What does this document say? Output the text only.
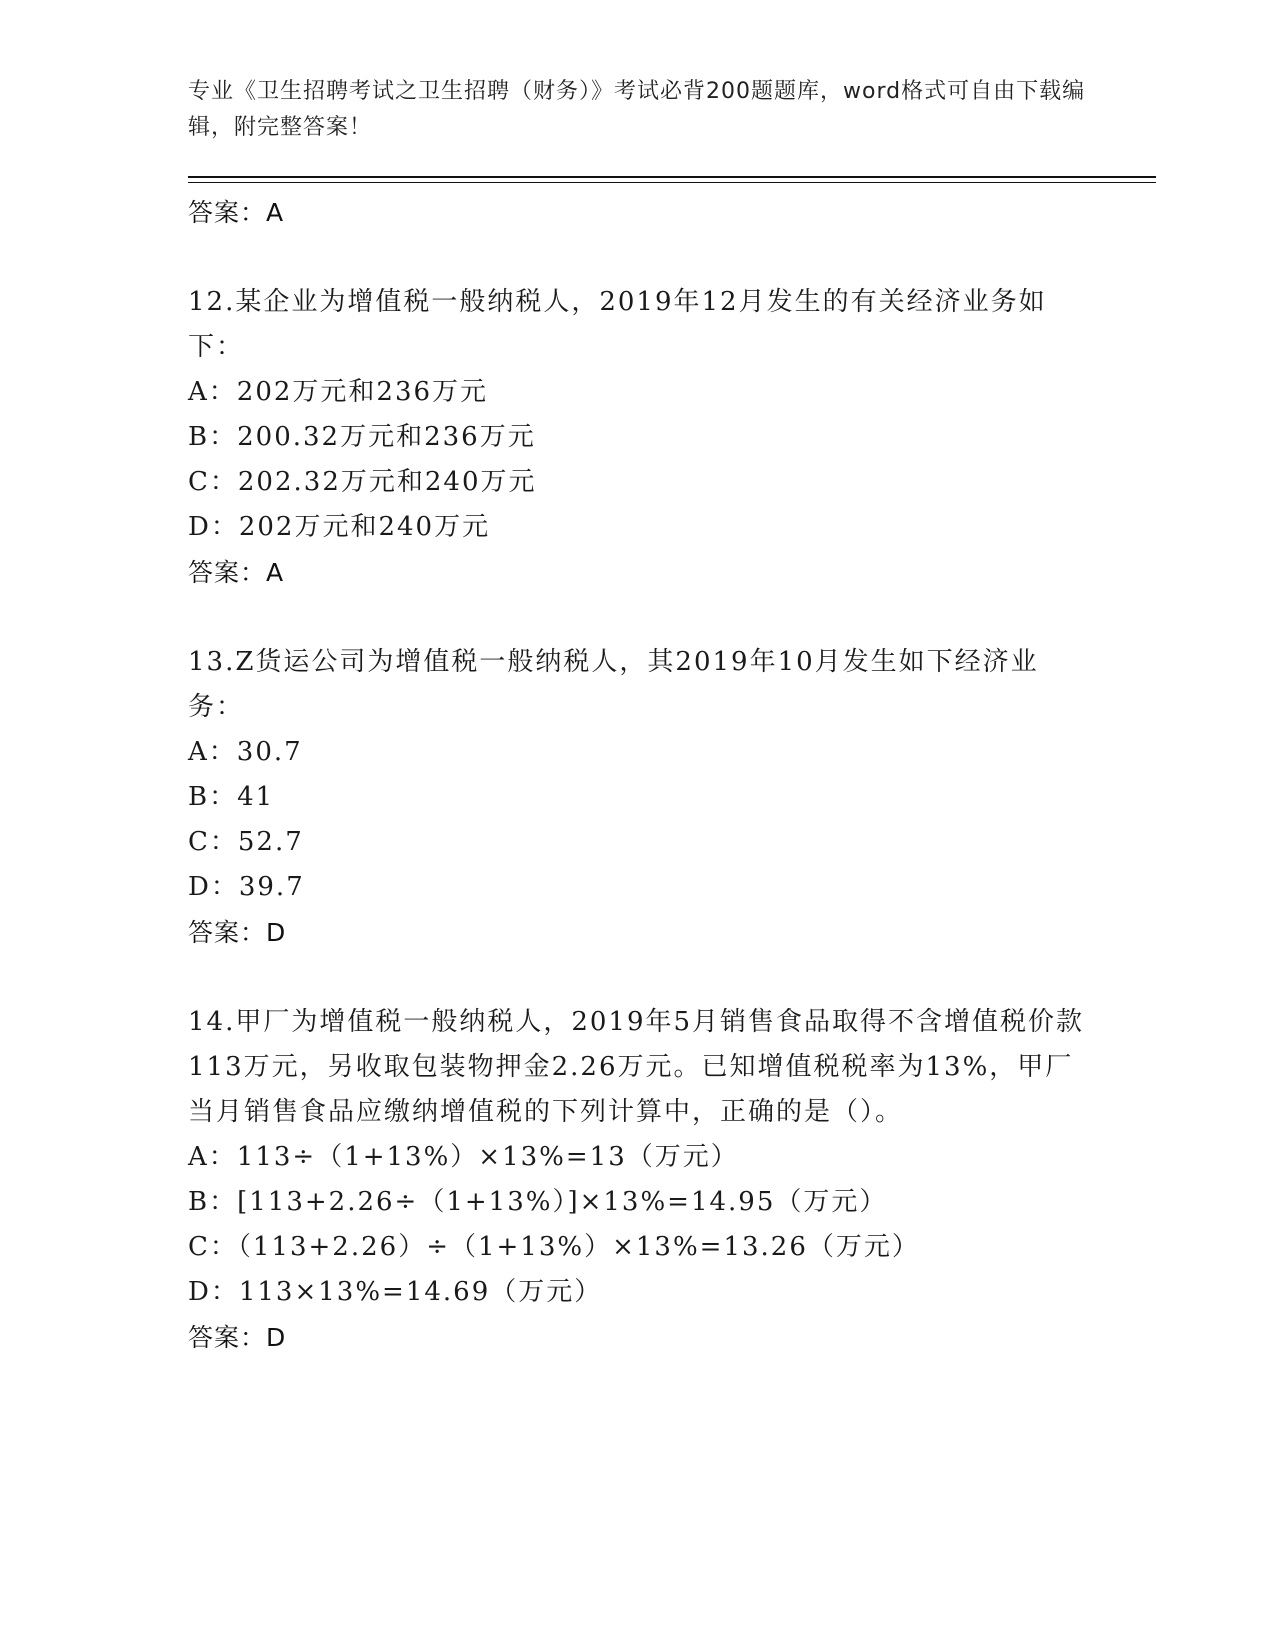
专业《卫生招聘考试之卫生招聘（财务）》考试必背200题题库，word格式可自由下载编辑，附完整答案！
答案：A

12.某企业为增值税一般纳税人，2019年12月发生的有关经济业务如下：

A：202万元和236万元
B：200.32万元和236万元
C：202.32万元和240万元
D：202万元和240万元
答案：A

13.Z货运公司为增值税一般纳税人，其2019年10月发生如下经济业务：

A：30.7
B：41
C：52.7
D：39.7
答案：D

14.甲厂为增值税一般纳税人，2019年5月销售食品取得不含增值税价款113万元，另收取包装物押金2.26万元。已知增值税税率为13%，甲厂当月销售食品应缴纳增值税的下列计算中，正确的是（）。

A：113÷（1+13%）×13%=13（万元）
B：[113+2.26÷（1+13%）]×13%=14.95（万元）
C：（113+2.26）÷（1+13%）×13%=13.26（万元）
D：113×13%=14.69（万元）
答案：D
